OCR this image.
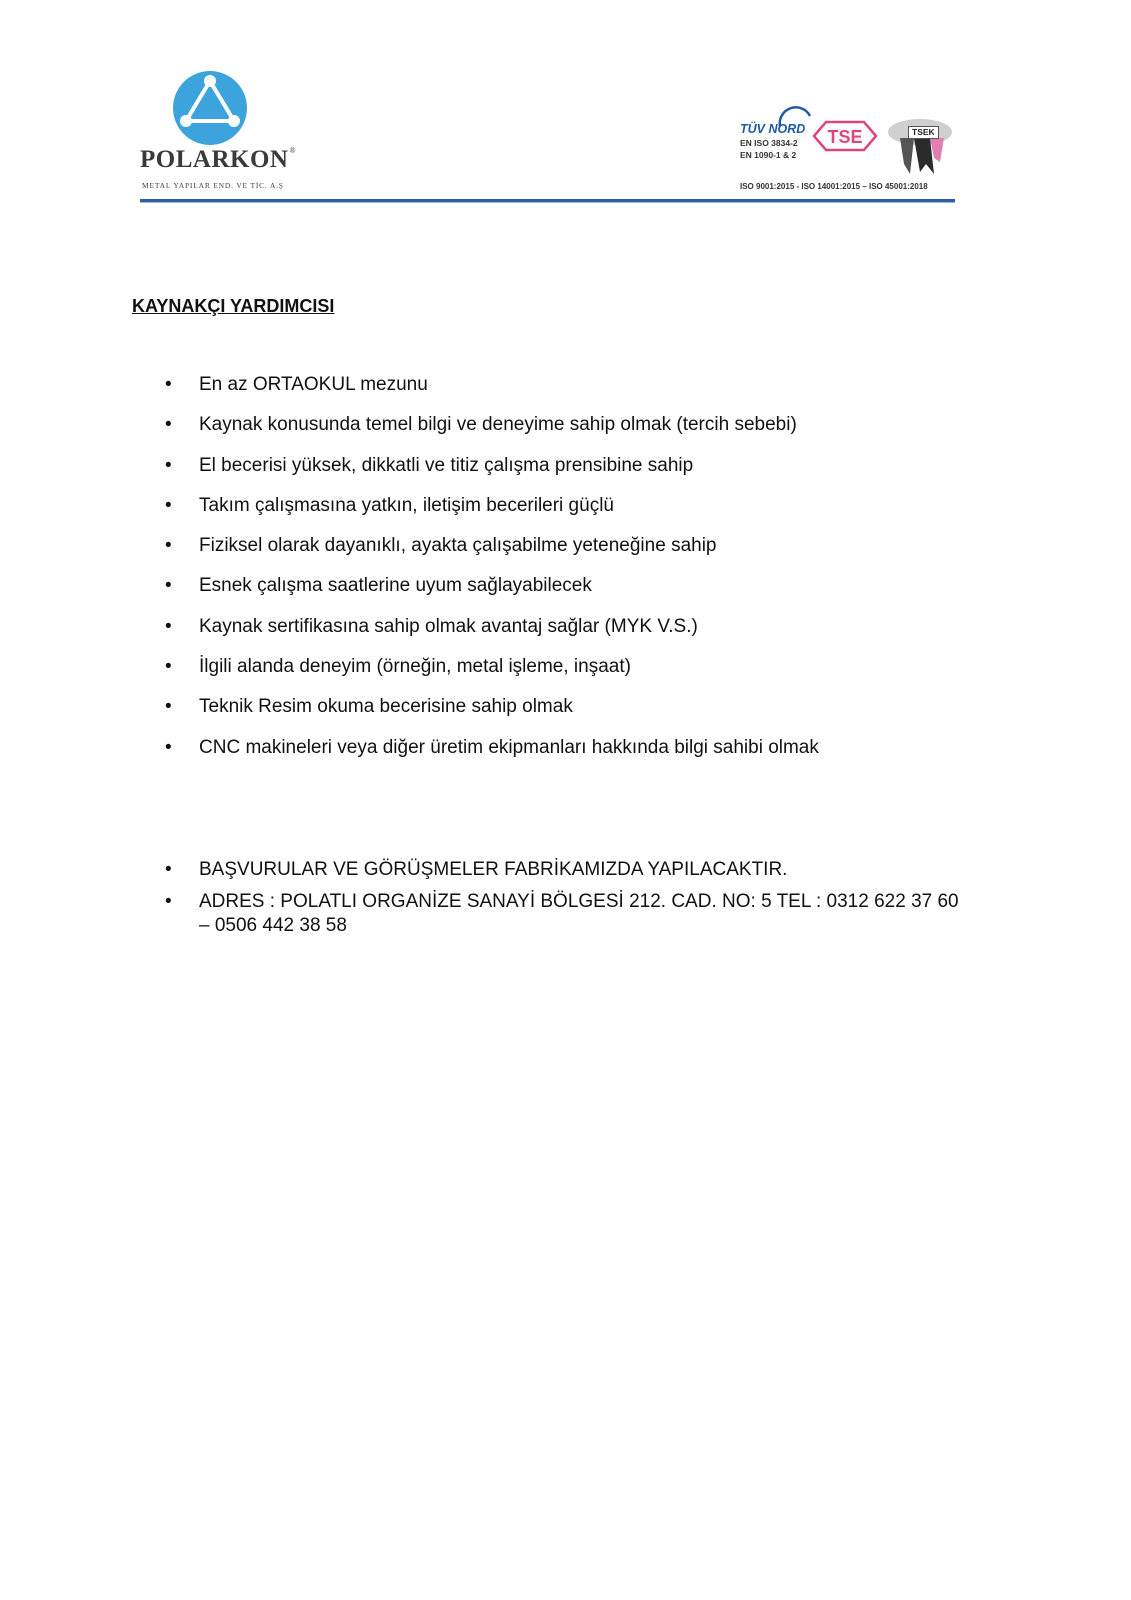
POLARKON®
METAL YAPILAR END. VE TİC. A.Ş
TÜV NORD
EN ISO 3834-2
EN 1090-1 & 2
TSE	TSEK
ISO 9001:2015 - ISO 14001:2015 – ISO 45001:2018
KAYNAKÇI YARDIMCISI
• En az ORTAOKUL mezunu
• Kaynak konusunda temel bilgi ve deneyime sahip olmak (tercih sebebi)
• El becerisi yüksek, dikkatli ve titiz çalışma prensibine sahip
• Takım çalışmasına yatkın, iletişim becerileri güçlü
• Fiziksel olarak dayanıklı, ayakta çalışabilme yeteneğine sahip
• Esnek çalışma saatlerine uyum sağlayabilecek
• Kaynak sertifikasına sahip olmak avantaj sağlar (MYK V.S.)
• İlgili alanda deneyim (örneğin, metal işleme, inşaat)
• Teknik Resim okuma becerisine sahip olmak
• CNC makineleri veya diğer üretim ekipmanları hakkında bilgi sahibi olmak
• BAŞVURULAR VE GÖRÜŞMELER FABRİKAMIZDA YAPILACAKTIR.
• ADRES : POLATLI ORGANİZE SANAYİ BÖLGESİ 212. CAD. NO: 5 TEL : 0312 622 37 60 – 0506 442 38 58
